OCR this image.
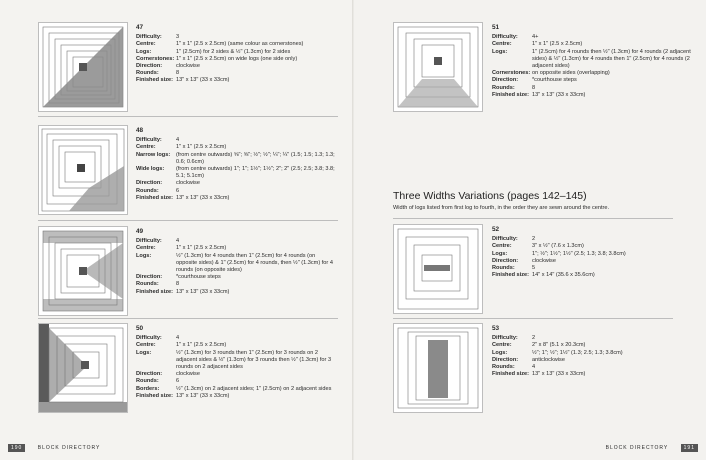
47
Difficulty:	3
Centre:	1" x 1" (2.5 x 2.5cm) (same colour as cornerstones)
Logs:	1" (2.5cm) for 2 sides & ½" (1.3cm) for 2 sides
Cornerstones: 1" x 1" (2.5 x 2.5cm) on wide logs (one side only)
Direction:	clockwise
Rounds:	8
Finished size: 13" x 13" (33 x 33cm)
48
Difficulty:	4
Centre:	1" x 1" (2.5 x 2.5cm)
Narrow logs:	(from centre outwards) ⅝"; ⅝"; ½"; ½"; ¼"; ¼" (1.5; 1.5; 1.3; 1.3; 0.6; 0.6cm)
Wide logs:	(from centre outwards) 1"; 1"; 1½"; 1½"; 2"; 2" (2.5; 2.5; 3.8; 3.8; 5.1; 5.1cm)
Direction:	clockwise
Rounds:	6
Finished size: 13" x 13" (33 x 33cm)
49
Difficulty:	4
Centre:	1" x 1" (2.5 x 2.5cm)
Logs:	½" (1.3cm) for 4 rounds then 1" (2.5cm) for 4 rounds (on opposite sides) & 1" (2.5cm) for 4 rounds, then ½" (1.3cm) for 4 rounds (on opposite sides)
Direction:	*courthouse steps
Rounds:	8
Finished size: 13" x 13" (33 x 33cm)
50
Difficulty:	4
Centre:	1" x 1" (2.5 x 2.5cm)
Logs:	½" (1.3cm) for 3 rounds then 1" (2.5cm) for 3 rounds on 2 adjacent sides & ½" (1.3cm) for 3 rounds then ½" (1.3cm) for 3 rounds on 2 adjacent sides
Direction:	clockwise
Rounds:	6
Borders:	½" (1.3cm) on 2 adjacent sides; 1" (2.5cm) on 2 adjacent sides
Finished size: 13" x 13" (33 x 33cm)
51
Difficulty:	4+
Centre:	1" x 1" (2.5 x 2.5cm)
Logs:	1" (2.5cm) for 4 rounds then ½" (1.3cm) for 4 rounds (2 adjacent sides) & ½" (1.3cm) for 4 rounds then 1" (2.5cm) for 4 rounds (2 adjacent sides)
Cornerstones: on opposite sides (overlapping)
Direction:	*courthouse steps
Rounds:	8
Finished size: 13" x 13" (33 x 33cm)
Three Widths Variations (pages 142–145)
Width of logs listed from first log to fourth, in the order they are sewn around the centre.
52
Difficulty:	2
Centre:	3" x ½" (7.6 x 1.3cm)
Logs:	1"; ½"; 1½"; 1½" (2.5; 1.3; 3.8; 3.8cm)
Direction:	clockwise
Rounds:	5
Finished size: 14" x 14" (35.6 x 35.6cm)
53
Difficulty:	2
Centre:	2" x 8" (5.1 x 20.3cm)
Logs:	½"; 1"; ½"; 1½" (1.3; 2.5; 1.3; 3.8cm)
Direction:	anticlockwise
Rounds:	4
Finished size: 13" x 13" (33 x 33cm)
190	BLOCK DIRECTORY	BLOCK DIRECTORY	191
